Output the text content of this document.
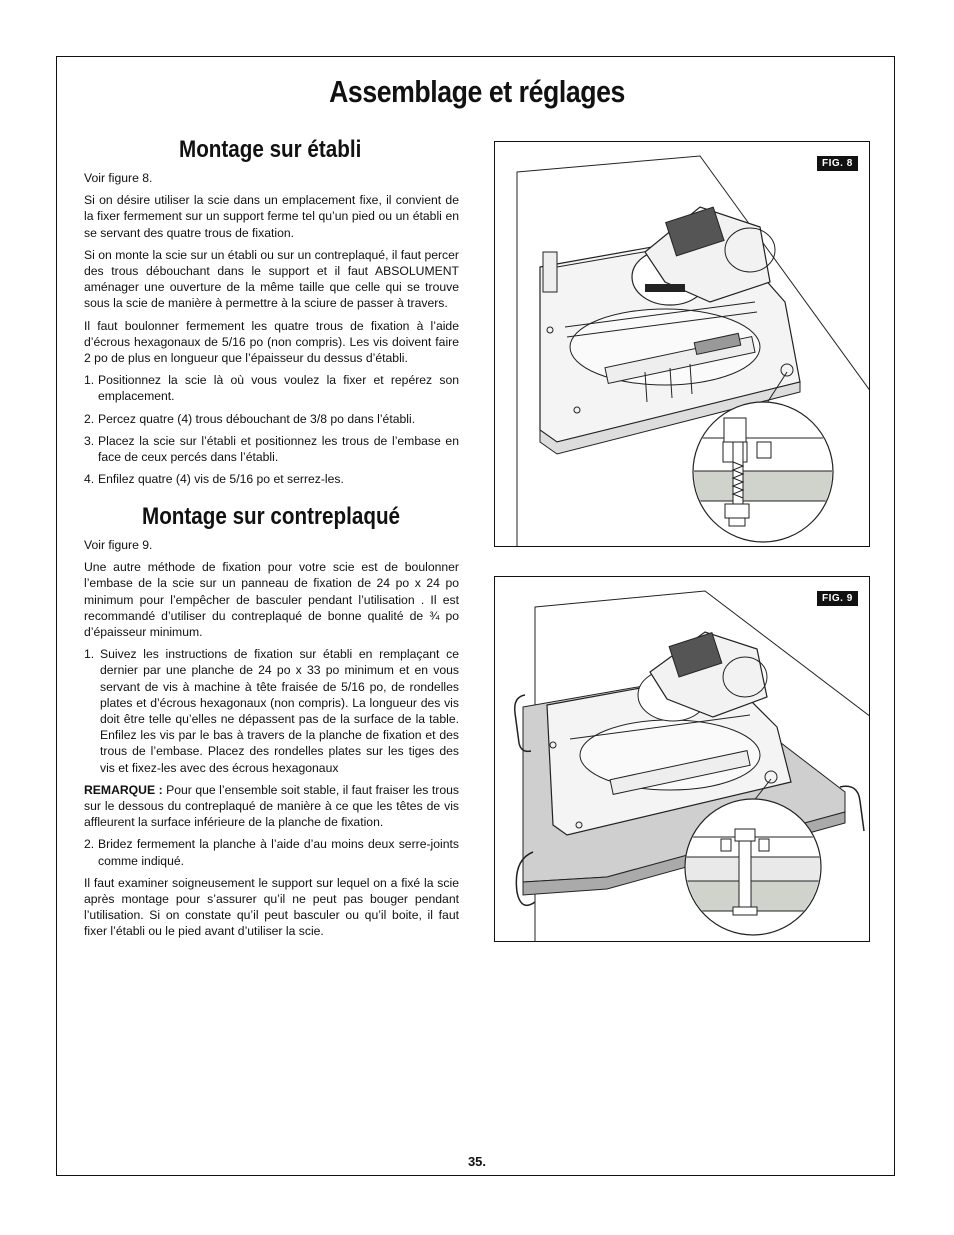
Assemblage et réglages
Montage sur établi

Voir figure 8.

Si on désire utiliser la scie dans un emplacement fixe, il convient de la fixer fermement sur un support ferme tel qu’un pied ou un établi en se servant des quatre trous de fixation.

Si on monte la scie sur un établi ou sur un contreplaqué, il faut percer des trous débouchant dans le support et il faut ABSOLUMENT aménager une ouverture de la même taille que celle qui se trouve sous la scie de manière à permettre à la sciure de passer à travers.

Il faut boulonner fermement les quatre trous de fixation à l’aide d’écrous hexagonaux de 5/16 po (non compris). Les vis doivent faire 2 po de plus en longueur que l’épaisseur du dessus d’établi.

1. Positionnez la scie là où vous voulez la fixer et repérez son emplacement.
2. Percez quatre (4) trous débouchant de 3/8 po dans l’établi.
3. Placez la scie sur l’établi et positionnez les trous de l’embase en face de ceux percés dans l’établi.
4. Enfilez quatre (4) vis de 5/16 po et serrez-les.
Montage sur contreplaqué

Voir figure 9.

Une autre méthode de fixation pour votre scie est de boulonner l’embase de la scie sur un panneau de fixation de 24 po x 24 po minimum pour l’empêcher de basculer pendant l’utilisation . Il est recommandé d’utiliser du contreplaqué de bonne qualité de ¾ po d’épaisseur minimum.

1. Suivez les instructions de fixation sur établi en remplaçant ce dernier par une planche de 24 po x 33 po minimum et en vous servant de vis à machine à tête fraisée de 5/16 po, de rondelles plates et d’écrous hexagonaux (non compris). La longueur des vis doit être telle qu’elles ne dépassent pas de la surface de la table. Enfilez les vis par le bas à travers de la planche de fixation et des trous de l’embase. Placez des rondelles plates sur les tiges des vis et fixez-les avec des écrous hexagonaux

REMARQUE : Pour que l’ensemble soit stable, il faut fraiser les trous sur le dessous du contreplaqué de manière à ce que les têtes de vis affleurent la surface inférieure de la planche de fixation.

2. Bridez fermement la planche à l’aide d’au moins deux serre-joints comme indiqué.

Il faut examiner soigneusement le support sur lequel on a fixé la scie après montage pour s’assurer qu’il ne peut pas bouger pendant l’utilisation. Si on constate qu’il peut basculer ou qu’il boite, il faut fixer l’établi ou le pied avant d’utiliser la scie.

FIG. 8
FIG. 9
35.
